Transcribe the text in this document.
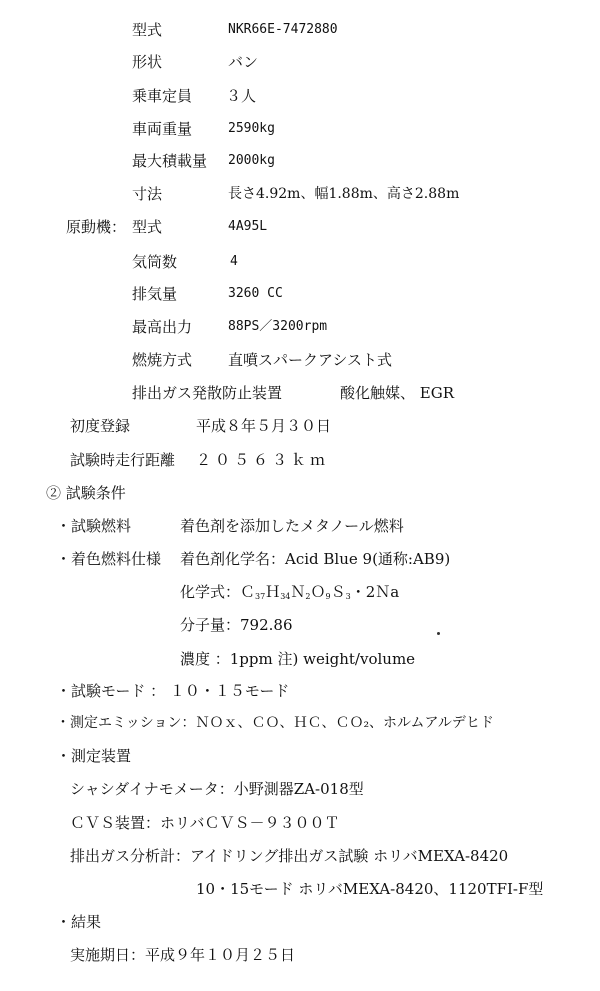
型式	NKR66E-7472880
形状	バン
乗車定員 ３人
車両重量	2590kg
最大積載量 2000kg
寸法	長さ4.92m、幅1.88m、高さ2.88m
原動機： 型式	4A95L
気筒数	4
排気量	3260 CC
最高出力	88PS／3200rpm
燃焼方式 直噴スパークアシスト式
排出ガス発散防止装置	酸化触媒、 EGR
初度登録	平成８年５月３０日
試験時走行距離 ２０５６３ｋｍ
② 試験条件
・試験燃料	着色剤を添加したメタノール燃料
・着色燃料仕様 着色剤化学名：Acid Blue 9(通称:AB9)
化学式：Ｃ$_{37}$Ｈ$_{34}$Ｎ$_2$Ｏ$_9$Ｓ$_3$・2Ｎa
分子量：792.86
濃度 ：1ppm 注) weight/volume
・試験モード ： １０・１５モード
・測定エミッション：ＮＯｘ、ＣＯ、ＨＣ、ＣＯ₂、ホルムアルデヒド
・測定装置
シャシダイナモメータ：小野測器ZA-018型
ＣＶＳ装置：ホリバＣＶＳ－９３００Ｔ
排出ガス分析計：アイドリング排出ガス試験 ホリバMEXA-8420
10・15モード ホリバMEXA-8420、1120TFI-F型
・結果
実施期日：平成９年１０月２５日
